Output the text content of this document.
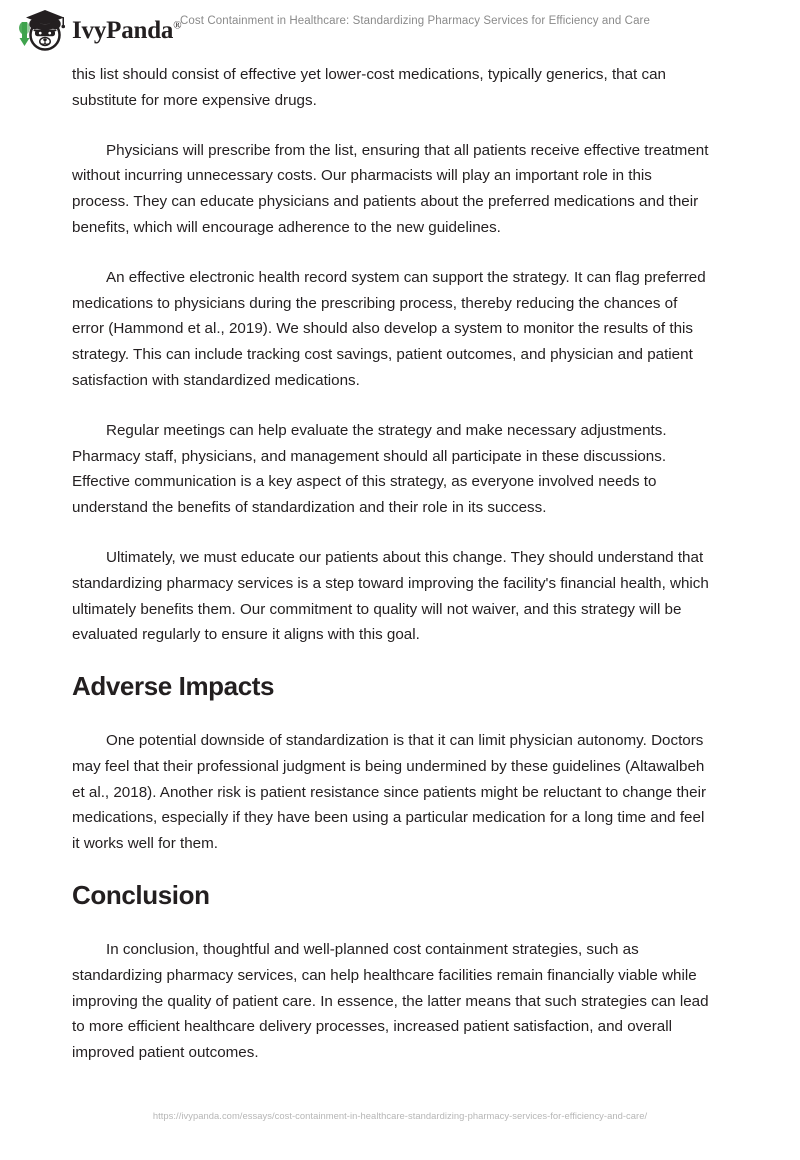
IvyPanda®
Cost Containment in Healthcare: Standardizing Pharmacy Services for Efficiency and Care

this list should consist of effective yet lower-cost medications, typically generics, that can substitute for more expensive drugs.

Physicians will prescribe from the list, ensuring that all patients receive effective treatment without incurring unnecessary costs. Our pharmacists will play an important role in this process. They can educate physicians and patients about the preferred medications and their benefits, which will encourage adherence to the new guidelines.

An effective electronic health record system can support the strategy. It can flag preferred medications to physicians during the prescribing process, thereby reducing the chances of error (Hammond et al., 2019). We should also develop a system to monitor the results of this strategy. This can include tracking cost savings, patient outcomes, and physician and patient satisfaction with standardized medications.

Regular meetings can help evaluate the strategy and make necessary adjustments. Pharmacy staff, physicians, and management should all participate in these discussions. Effective communication is a key aspect of this strategy, as everyone involved needs to understand the benefits of standardization and their role in its success.

Ultimately, we must educate our patients about this change. They should understand that standardizing pharmacy services is a step toward improving the facility's financial health, which ultimately benefits them. Our commitment to quality will not waiver, and this strategy will be evaluated regularly to ensure it aligns with this goal.

Adverse Impacts

One potential downside of standardization is that it can limit physician autonomy. Doctors may feel that their professional judgment is being undermined by these guidelines (Altawalbeh et al., 2018). Another risk is patient resistance since patients might be reluctant to change their medications, especially if they have been using a particular medication for a long time and feel it works well for them.

Conclusion

In conclusion, thoughtful and well-planned cost containment strategies, such as standardizing pharmacy services, can help healthcare facilities remain financially viable while improving the quality of patient care. In essence, the latter means that such strategies can lead to more efficient healthcare delivery processes, increased patient satisfaction, and overall improved patient outcomes.

https://ivypanda.com/essays/cost-containment-in-healthcare-standardizing-pharmacy-services-for-efficiency-and-care/
